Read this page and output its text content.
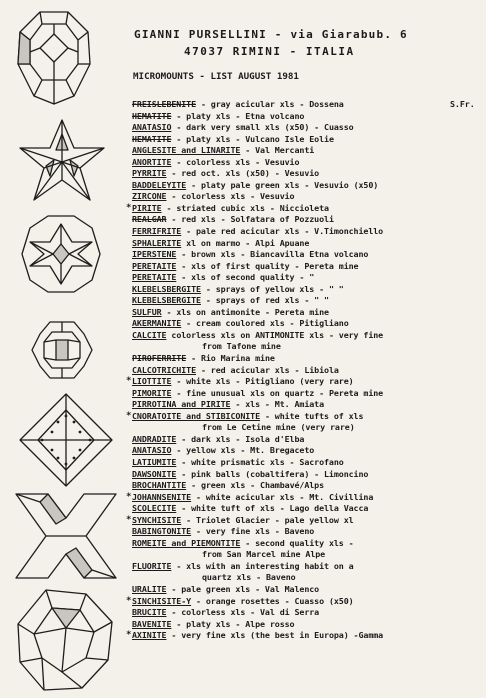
GIANNI PURSELLINI - via Giarabub. 6
47037 RIMINI - ITALIA
MICROMOUNTS - LIST AUGUST 1981
FREISLEBENITE - gray acicular xls - Dossena	S.Fr.
HEMATITE - platy xls - Etna volcano
ANATASIO - dark very small xls (x50) - Cuasso
HEMATITE - platy xls - Vulcano Isle Eolie
ANGLESITE and LINARITE - Val Mercanti
ANORTITE - colorless xls - Vesuvio
PYRRITE - red oct. xls (x50) - Vesuvio
BADDELEYITE - platy pale green xls - Vesuvio (x50)
ZIRCONE - colorless xls - Vesuvio
* PIRITE - striated cubic xls - Niccioleta
REALGAR - red xls - Solfatara of Pozzuoli
FERRIFRITE - pale red acicular xls - V.Timonchiello
SPHALERITE xl on marmo - Alpi Apuane
IPERSTENE - brown xls - Biancavilla Etna volcano
PERETAITE - xls of first quality - Pereta mine
PERETAITE - xls of second quality - "
KLEBELSBERGITE - sprays of yellow xls - " "
KLEBELSBERGITE - sprays of red xls - " "
SULFUR - xls on antimonite - Pereta mine
AKERMANITE - cream coulored xls - Pitigliano
CALCITE colorless xls on ANTIMONITE xls - very fine
from Tafone mine
PIROFERRITE - Rio Marina mine
CALCOTRICHITE - red acicular xls - Libiola
* LIOTTITE - white xls - Pitigliano (very rare)
PIMORITE - fine unusual xls on quartz - Pereta mine
PIRROTINA and PIRITE - xls - Mt. Amiata
* CNORATOITE and STIBICONITE - white tufts of xls
from Le Cetine mine (very rare)
ANDRADITE - dark xls - Isola d'Elba
ANATASIO - yellow xls - Mt. Bregaceto
LATIUMITE - white prismatic xls - Sacrofano
DAWSONITE - pink balls (cobaltifera) - Limoncino
BROCHANTITE - green xls - Chambavé/Alps
* JOHANNSENITE - white acicular xls - Mt. Civillina
SCOLECITE - white tuft of xls - Lago della Vacca
* SYNCHISITE - Triolet Glacier - pale yellow xl
BABINGTONITE - very fine xls - Baveno
ROMEITE and PIEMONTITE - second quality xls -
from San Marcel mine Alpe
FLUORITE - xls with an interesting habit on a
quartz xls - Baveno
URALITE - pale green xls - Val Malenco
* SINCHISITE-Y - orange rosettes - Cuasso (x50)
BRUCITE - colorless xls - Val di Serra
BAVENITE - platy xls - Alpe rosso
* AXINITE - very fine xls (the best in Europa) -Gamma
